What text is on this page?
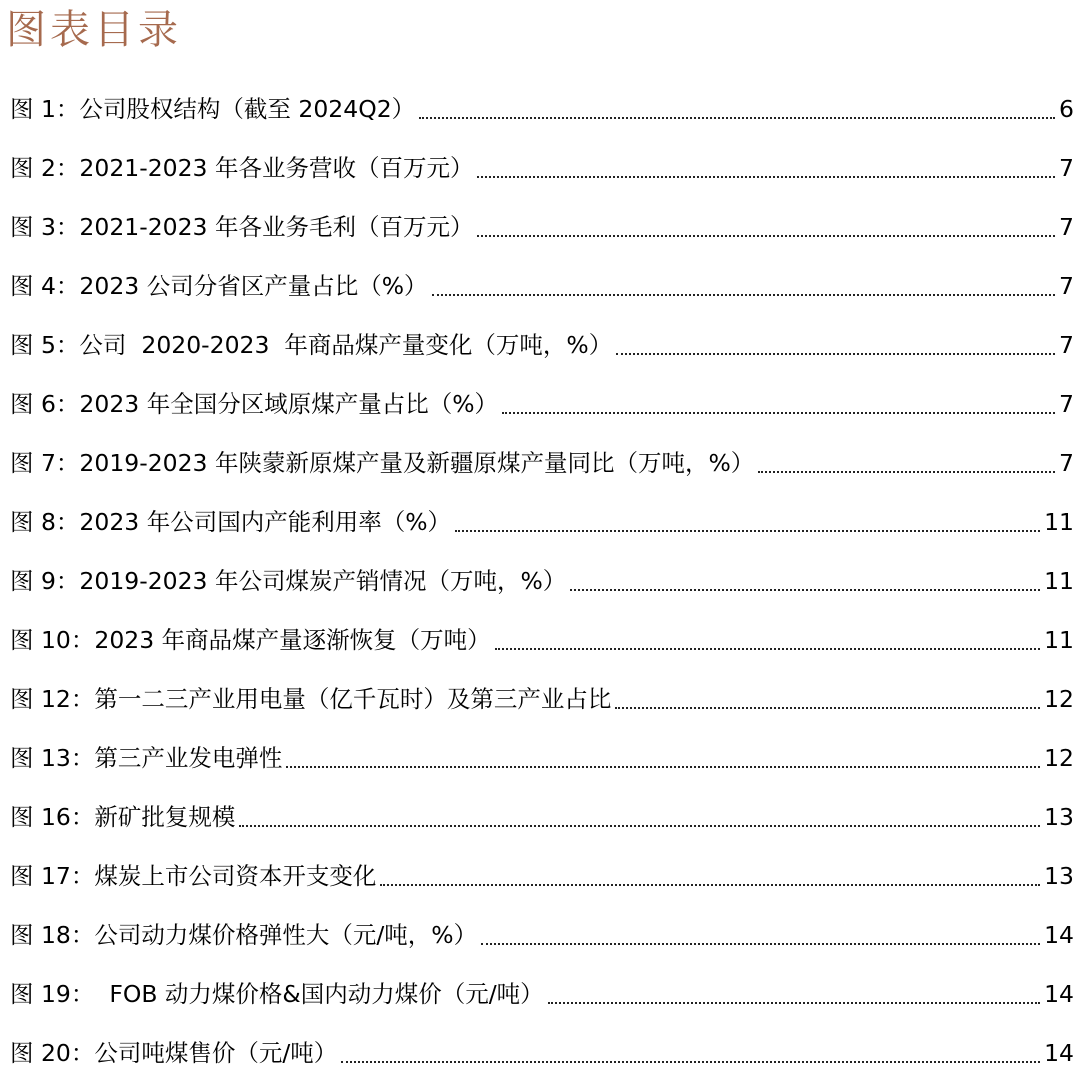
图表目录
图 1：公司股权结构（截至 2024Q2）	6
图 2：2021-2023 年各业务营收（百万元）	7
图 3：2021-2023 年各业务毛利（百万元）	7
图 4：2023 公司分省区产量占比（%）	7
图 5：公司  2020-2023  年商品煤产量变化（万吨，%）	7
图 6：2023 年全国分区域原煤产量占比（%）	7
图 7：2019-2023 年陕蒙新原煤产量及新疆原煤产量同比（万吨，%）	7
图 8：2023 年公司国内产能利用率（%）	11
图 9：2019-2023 年公司煤炭产销情况（万吨，%）	11
图 10：2023 年商品煤产量逐渐恢复（万吨）	11
图 12：第一二三产业用电量（亿千瓦时）及第三产业占比	12
图 13：第三产业发电弹性	12
图 16：新矿批复规模	13
图 17：煤炭上市公司资本开支变化	13
图 18：公司动力煤价格弹性大（元/吨，%）	14
图 19：  FOB 动力煤价格&国内动力煤价（元/吨）	14
图 20：公司吨煤售价（元/吨）	14
